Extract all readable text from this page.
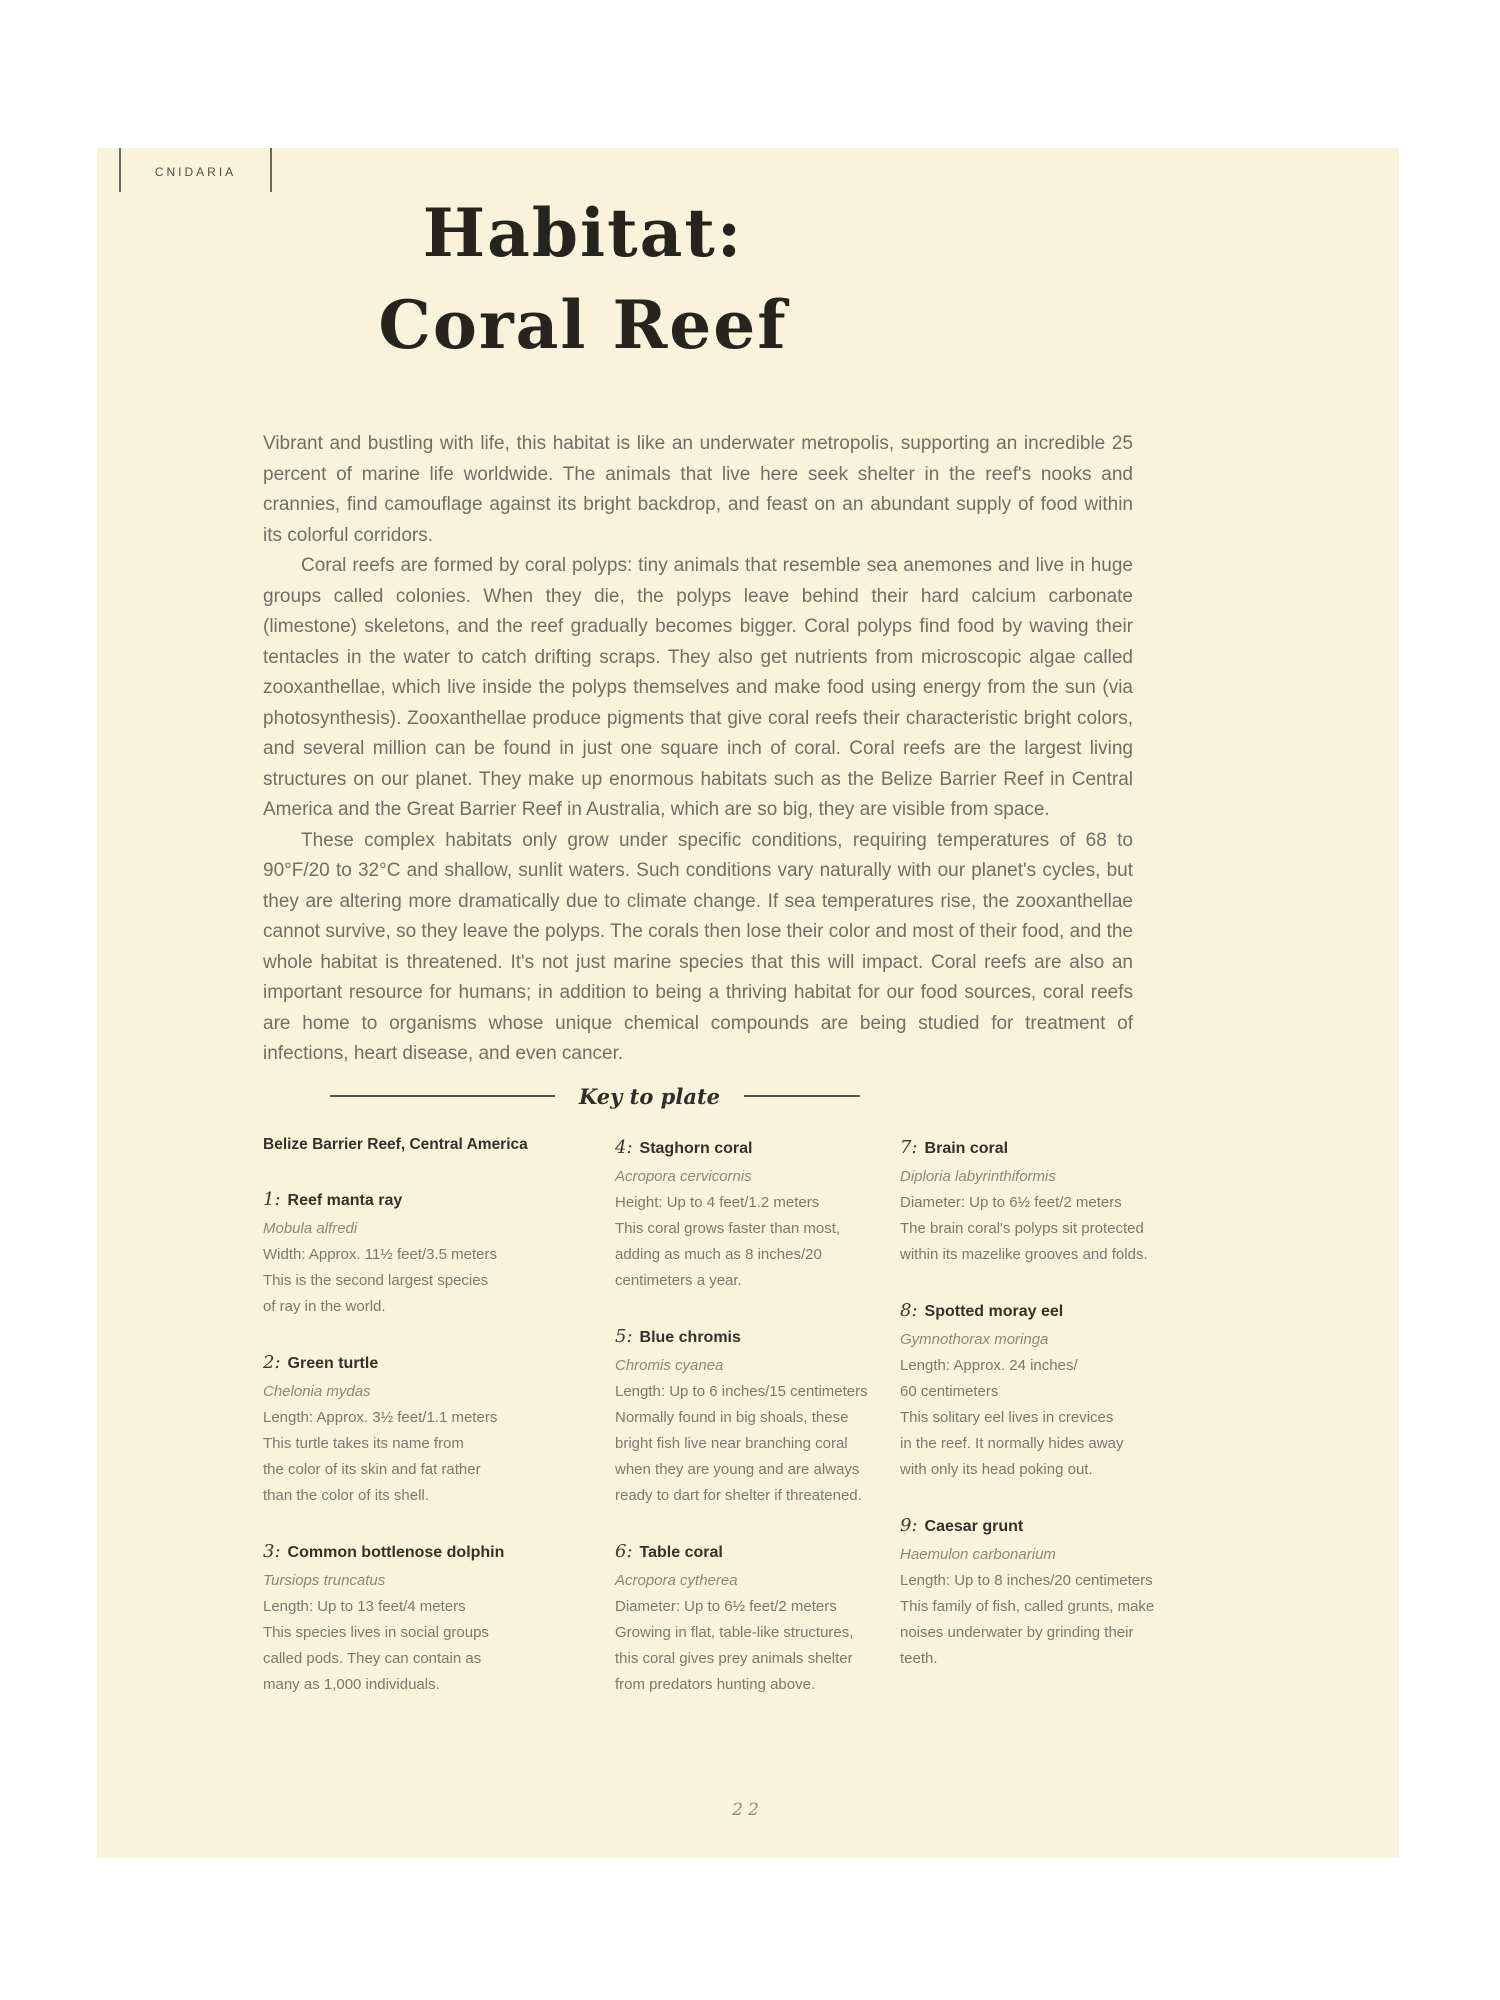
CNIDARIA
Habitat:
Coral Reef

Vibrant and bustling with life, this habitat is like an underwater metropolis, supporting an incredible 25 percent of marine life worldwide. The animals that live here seek shelter in the reef's nooks and crannies, find camouflage against its bright backdrop, and feast on an abundant supply of food within its colorful corridors.

Coral reefs are formed by coral polyps: tiny animals that resemble sea anemones and live in huge groups called colonies. When they die, the polyps leave behind their hard calcium carbonate (limestone) skeletons, and the reef gradually becomes bigger. Coral polyps find food by waving their tentacles in the water to catch drifting scraps. They also get nutrients from microscopic algae called zooxanthellae, which live inside the polyps themselves and make food using energy from the sun (via photosynthesis). Zooxanthellae produce pigments that give coral reefs their characteristic bright colors, and several million can be found in just one square inch of coral. Coral reefs are the largest living structures on our planet. They make up enormous habitats such as the Belize Barrier Reef in Central America and the Great Barrier Reef in Australia, which are so big, they are visible from space.

These complex habitats only grow under specific conditions, requiring temperatures of 68 to 90°F/20 to 32°C and shallow, sunlit waters. Such conditions vary naturally with our planet's cycles, but they are altering more dramatically due to climate change. If sea temperatures rise, the zooxanthellae cannot survive, so they leave the polyps. The corals then lose their color and most of their food, and the whole habitat is threatened. It's not just marine species that this will impact. Coral reefs are also an important resource for humans; in addition to being a thriving habitat for our food sources, coral reefs are home to organisms whose unique chemical compounds are being studied for treatment of infections, heart disease, and even cancer.

Key to plate
Belize Barrier Reef, Central America
1: Reef manta ray
Mobula alfredi
Width: Approx. 11½ feet/3.5 meters
This is the second largest species
of ray in the world.
2: Green turtle
Chelonia mydas
Length: Approx. 3½ feet/1.1 meters
This turtle takes its name from
the color of its skin and fat rather
than the color of its shell.
3: Common bottlenose dolphin
Tursiops truncatus
Length: Up to 13 feet/4 meters
This species lives in social groups
called pods. They can contain as
many as 1,000 individuals.
4: Staghorn coral
Acropora cervicornis
Height: Up to 4 feet/1.2 meters
This coral grows faster than most,
adding as much as 8 inches/20
centimeters a year.
5: Blue chromis
Chromis cyanea
Length: Up to 6 inches/15 centimeters
Normally found in big shoals, these
bright fish live near branching coral
when they are young and are always
ready to dart for shelter if threatened.
6: Table coral
Acropora cytherea
Diameter: Up to 6½ feet/2 meters
Growing in flat, table-like structures,
this coral gives prey animals shelter
from predators hunting above.
7: Brain coral
Diploria labyrinthiformis
Diameter: Up to 6½ feet/2 meters
The brain coral's polyps sit protected
within its mazelike grooves and folds.
8: Spotted moray eel
Gymnothorax moringa
Length: Approx. 24 inches/
60 centimeters
This solitary eel lives in crevices
in the reef. It normally hides away
with only its head poking out.
9: Caesar grunt
Haemulon carbonarium
Length: Up to 8 inches/20 centimeters
This family of fish, called grunts, make
noises underwater by grinding their
teeth.
22
